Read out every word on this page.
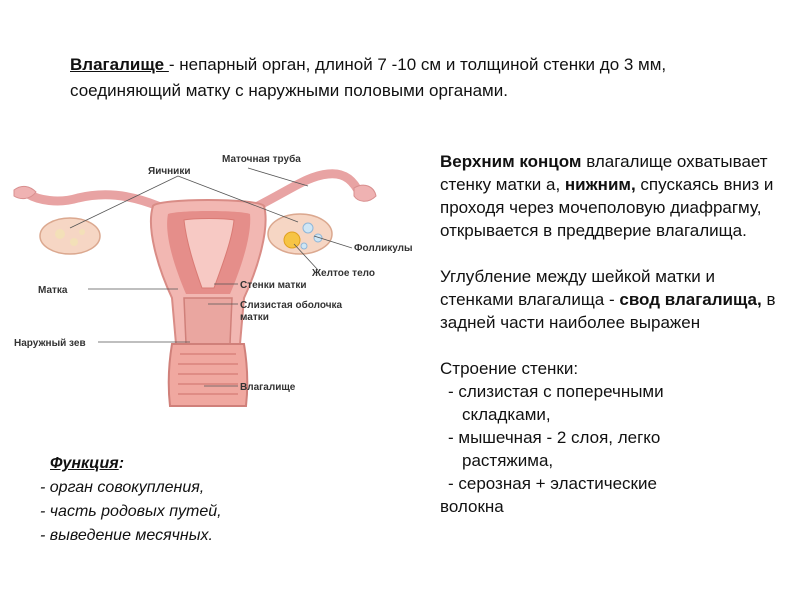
Влагалище - непарный орган, длиной 7 -10 см и толщиной стенки до 3 мм, соединяющий матку с наружными половыми органами.
Яичники
Маточная труба
Фолликулы
Желтое тело
Матка	Стенки матки
Слизистая оболочка
матки
Наружный зев
Влагалище

Верхним концом влагалище охватывает стенку матки а, нижним, спускаясь вниз и проходя через мочеполовую диафрагму, открывается в преддверие влагалища.

Углубление между шейкой матки и стенками влагалища - свод влагалища, в задней части наиболее выражен

Строение стенки:

- слизистая с поперечными

складками,

- мышечная - 2 слоя, легко

растяжима,

- серозная + эластические

волокна

Функция:
- орган совокупления,
- часть родовых путей,
- выведение месячных.
